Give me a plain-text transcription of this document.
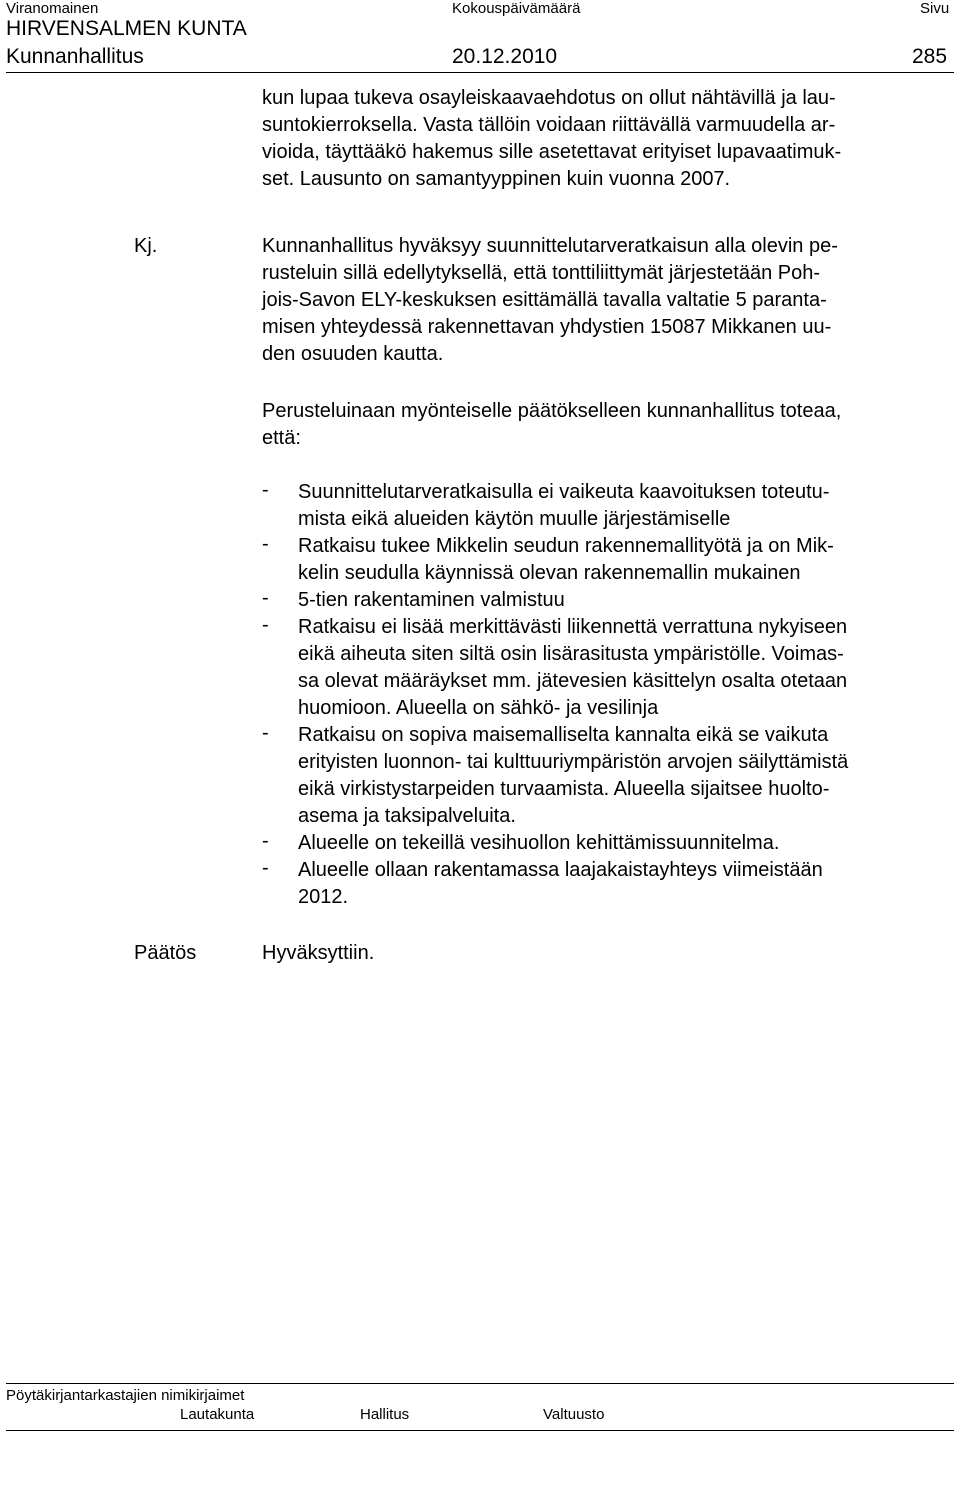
Viranomainen	Kokouspäivämäärä	Sivu
HIRVENSALMEN KUNTA
Kunnanhallitus	20.12.2010	285
kun lupaa tukeva osayleiskaavaehdotus on ollut nähtävillä ja lau-
suntokierroksella. Vasta tällöin voidaan riittävällä varmuudella ar-
vioida, täyttääkö hakemus sille asetettavat erityiset lupavaatimuk-
set. Lausunto on samantyyppinen kuin vuonna 2007.
Kj.	Kunnanhallitus hyväksyy suunnittelutarveratkaisun alla olevin pe-
rusteluin sillä edellytyksellä, että tonttiliittymät järjestetään Poh-
jois-Savon ELY-keskuksen esittämällä tavalla valtatie 5 paranta-
misen yhteydessä rakennettavan yhdystien 15087 Mikkanen uu-
den osuuden kautta.
Perusteluinaan myönteiselle päätökselleen kunnanhallitus toteaa,
että:
- Suunnittelutarveratkaisulla ei vaikeuta kaavoituksen toteutu-
mista eikä alueiden käytön muulle järjestämiselle
- Ratkaisu tukee Mikkelin seudun rakennemallityötä ja on Mik-
kelin seudulla käynnissä olevan rakennemallin mukainen
- 5-tien rakentaminen valmistuu
- Ratkaisu ei lisää merkittävästi liikennettä verrattuna nykyiseen
eikä aiheuta siten siltä osin lisärasitusta ympäristölle. Voimas-
sa olevat määräykset mm. jätevesien käsittelyn osalta otetaan
huomioon. Alueella on sähkö- ja vesilinja
- Ratkaisu on sopiva maisemalliselta kannalta eikä se vaikuta
erityisten luonnon- tai kulttuuriympäristön arvojen säilyttämistä
eikä virkistystarpeiden turvaamista. Alueella sijaitsee huolto-
asema ja taksipalveluita.
- Alueelle on tekeillä vesihuollon kehittämissuunnitelma.
- Alueelle ollaan rakentamassa laajakaistayhteys viimeistään
2012.
Päätös	Hyväksyttiin.
Pöytäkirjantarkastajien nimikirjaimet
Lautakunta	Hallitus	Valtuusto
